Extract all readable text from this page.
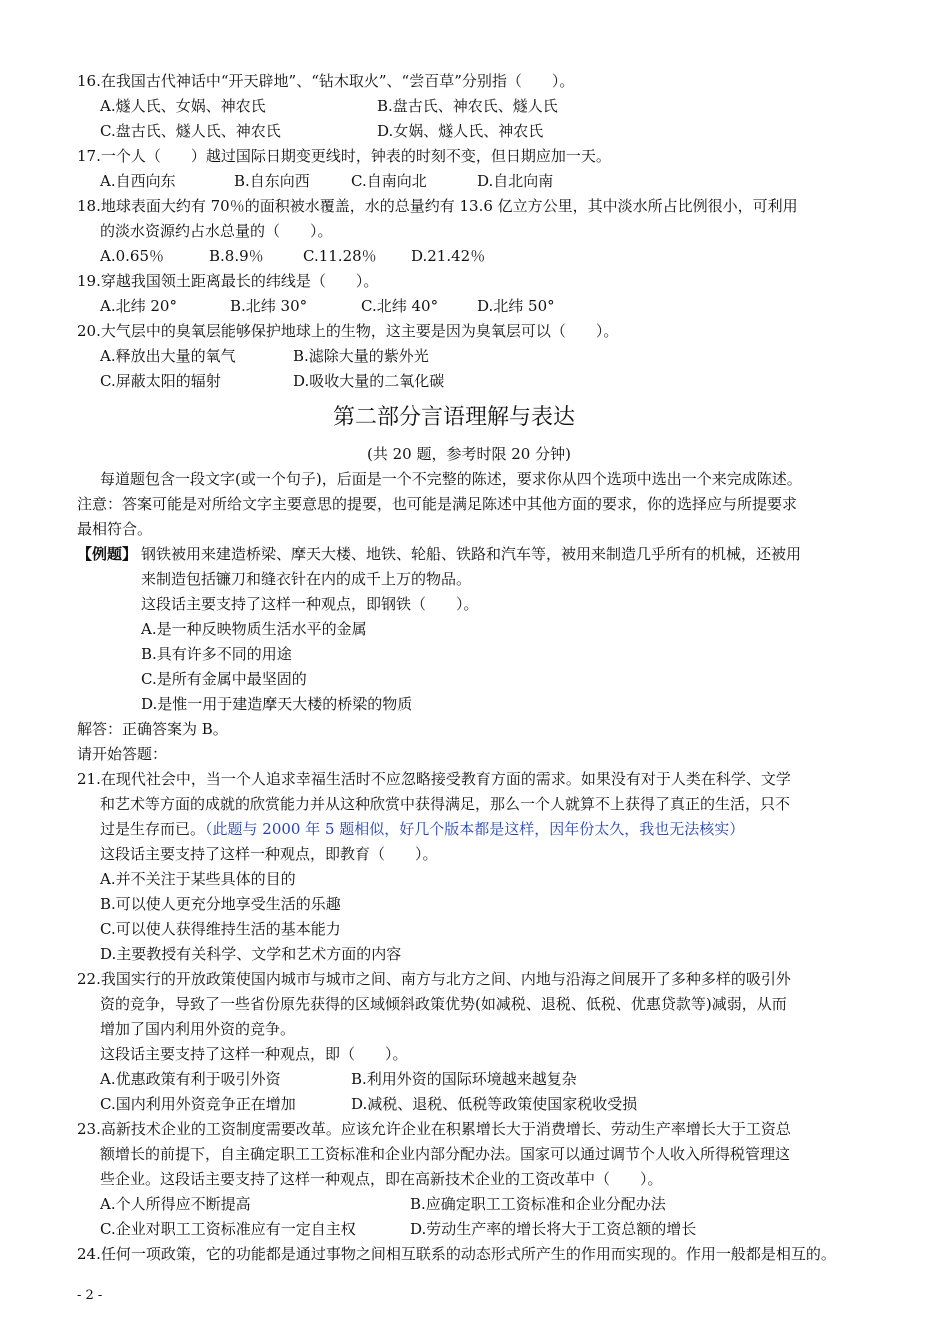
16.在我国古代神话中“开天辟地”、“钻木取火”、“尝百草”分别指（　　）。
A.燧人氏、女娲、神农氏	B.盘古氏、神农氏、燧人氏
C.盘古氏、燧人氏、神农氏	D.女娲、燧人氏、神农氏
17.一个人（　　）越过国际日期变更线时，钟表的时刻不变，但日期应加一天。
A.自西向东	B.自东向西	C.自南向北	D.自北向南
18.地球表面大约有 70％的面积被水覆盖，水的总量约有 13.6 亿立方公里，其中淡水所占比例很小，可利用
的淡水资源约占水总量的（　　）。
A.0.65％	B.8.9％	C.11.28％ D.21.42％
19.穿越我国领土距离最长的纬线是（　　）。
A.北纬 20°	B.北纬 30°	C.北纬 40°	D.北纬 50°
20.大气层中的臭氧层能够保护地球上的生物，这主要是因为臭氧层可以（　　）。
A.释放出大量的氧气	B.滤除大量的紫外光
C.屏蔽太阳的辐射	D.吸收大量的二氧化碳
第二部分言语理解与表达
(共 20 题，参考时限 20 分钟)
每道题包含一段文字(或一个句子)，后面是一个不完整的陈述，要求你从四个选项中选出一个来完成陈述。
注意：答案可能是对所给文字主要意思的提要，也可能是满足陈述中其他方面的要求，你的选择应与所提要求
最相符合。
【例题】 钢铁被用来建造桥梁、摩天大楼、地铁、轮船、铁路和汽车等，被用来制造几乎所有的机械，还被用
来制造包括镰刀和缝衣针在内的成千上万的物品。
这段话主要支持了这样一种观点，即钢铁（　　）。
A.是一种反映物质生活水平的金属
B.具有许多不同的用途
C.是所有金属中最坚固的
D.是惟一用于建造摩天大楼的桥梁的物质
解答：正确答案为 B。
请开始答题：
21.在现代社会中，当一个人追求幸福生活时不应忽略接受教育方面的需求。如果没有对于人类在科学、文学
和艺术等方面的成就的欣赏能力并从这种欣赏中获得满足，那么一个人就算不上获得了真正的生活，只不
过是生存而已。（此题与 2000 年 5 题相似，好几个版本都是这样，因年份太久，我也无法核实）
这段话主要支持了这样一种观点，即教育（　　）。
A.并不关注于某些具体的目的
B.可以使人更充分地享受生活的乐趣
C.可以使人获得维持生活的基本能力
D.主要教授有关科学、文学和艺术方面的内容
22.我国实行的开放政策使国内城市与城市之间、南方与北方之间、内地与沿海之间展开了多种多样的吸引外
资的竞争，导致了一些省份原先获得的区域倾斜政策优势(如减税、退税、低税、优惠贷款等)减弱，从而
增加了国内利用外资的竞争。
这段话主要支持了这样一种观点，即（　　）。
A.优惠政策有利于吸引外资	B.利用外资的国际环境越来越复杂
C.国内利用外资竞争正在增加	D.减税、退税、低税等政策使国家税收受损
23.高新技术企业的工资制度需要改革。应该允许企业在积累增长大于消费增长、劳动生产率增长大于工资总
额增长的前提下，自主确定职工工资标准和企业内部分配办法。国家可以通过调节个人收入所得税管理这
些企业。这段话主要支持了这样一种观点，即在高新技术企业的工资改革中（　　）。
A.个人所得应不断提高	B.应确定职工工资标准和企业分配办法
C.企业对职工工资标准应有一定自主权	D.劳动生产率的增长将大于工资总额的增长
24.任何一项政策，它的功能都是通过事物之间相互联系的动态形式所产生的作用而实现的。作用一般都是相互的。
- 2 -
